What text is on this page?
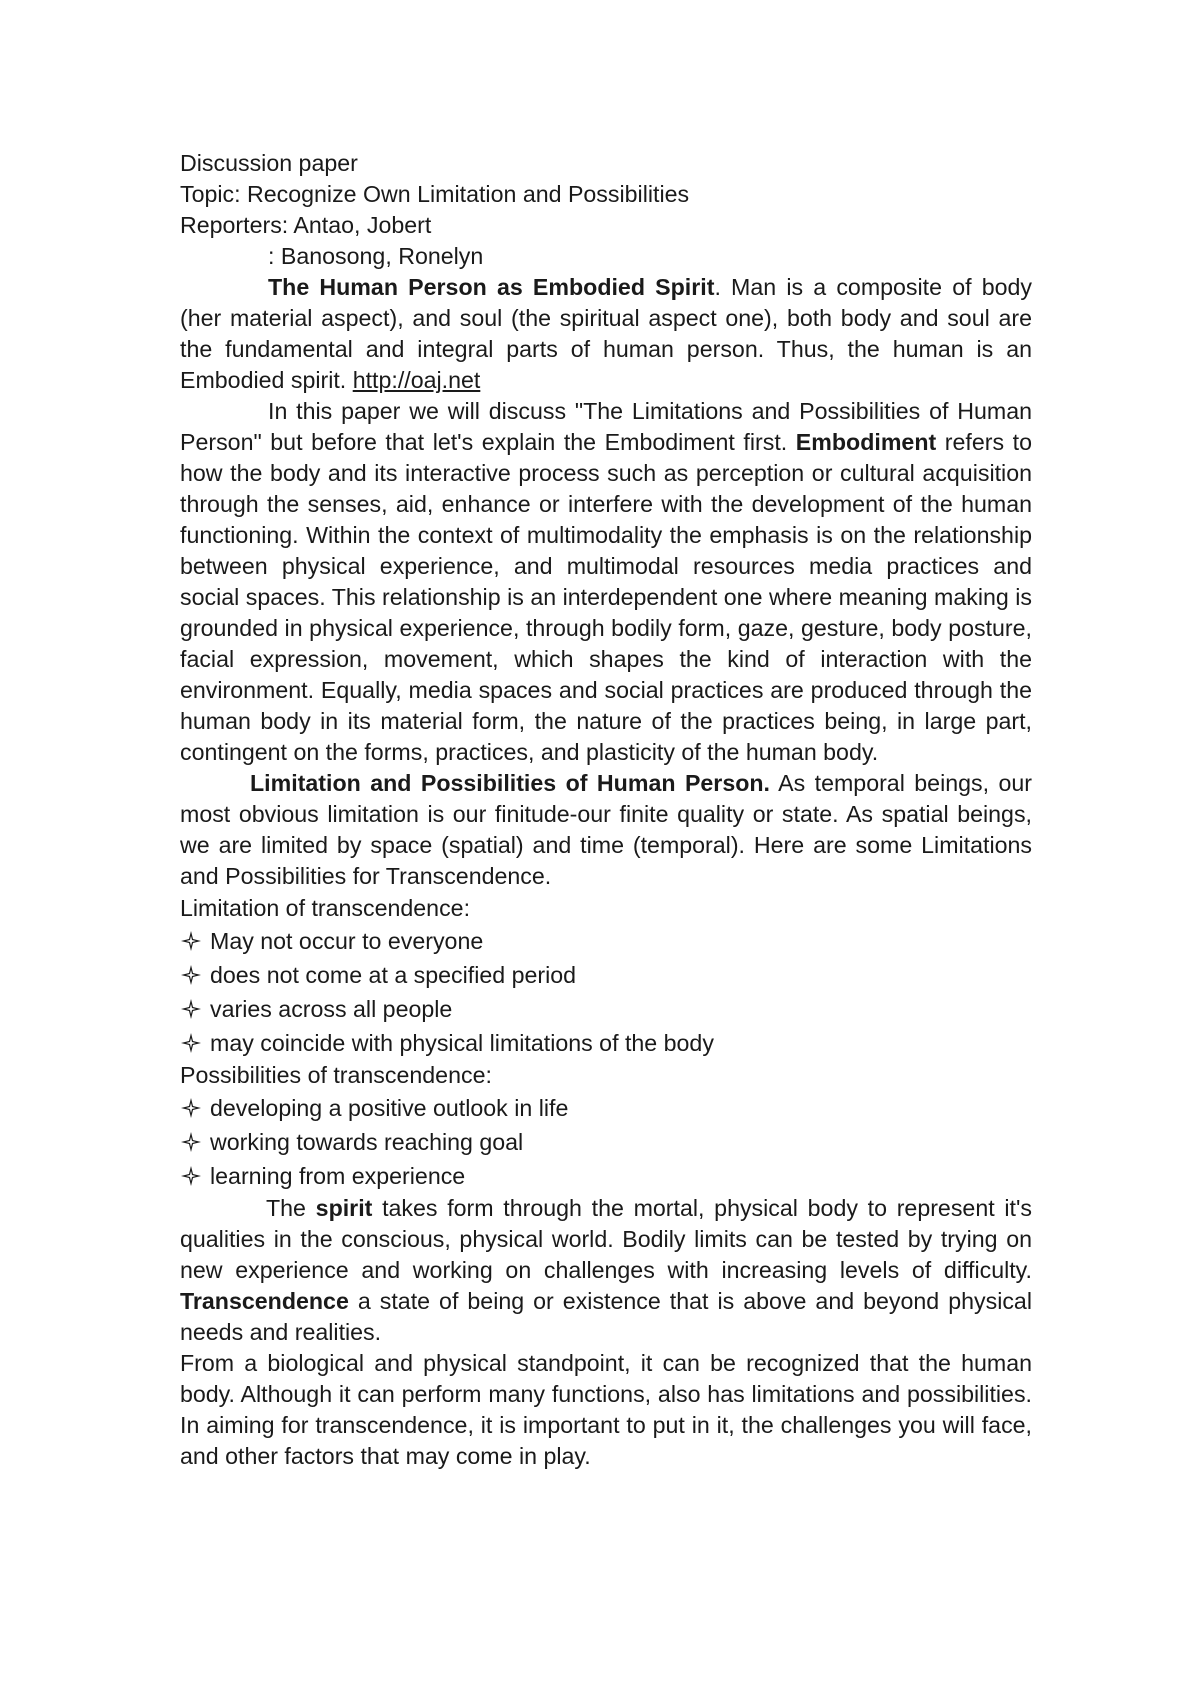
Discussion paper

Topic: Recognize Own Limitation and Possibilities

Reporters: Antao, Jobert

: Banosong, Ronelyn

The Human Person as Embodied Spirit. Man is a composite of body (her material aspect), and soul (the spiritual aspect one), both body and soul are the fundamental and integral parts of human person. Thus, the human is an Embodied spirit. http://oaj.net

In this paper we will discuss "The Limitations and Possibilities of Human Person" but before that let's explain the Embodiment first. Embodiment refers to how the body and its interactive process such as perception or cultural acquisition through the senses, aid, enhance or interfere with the development of the human functioning. Within the context of multimodality the emphasis is on the relationship between physical experience, and multimodal resources media practices and social spaces. This relationship is an interdependent one where meaning making is grounded in physical experience, through bodily form, gaze, gesture, body posture, facial expression, movement, which shapes the kind of interaction with the environment. Equally, media spaces and social practices are produced through the human body in its material form, the nature of the practices being, in large part, contingent on the forms, practices, and plasticity of the human body.

Limitation and Possibilities of Human Person. As temporal beings, our most obvious limitation is our finitude-our finite quality or state. As spatial beings, we are limited by space (spatial) and time (temporal). Here are some Limitations and Possibilities for Transcendence.

Limitation of transcendence:

May not occur to everyone
does not come at a specified period
varies across all people
may coincide with physical limitations of the body

Possibilities of transcendence:

developing a positive outlook in life
working towards reaching goal
learning from experience

The spirit takes form through the mortal, physical body to represent it's qualities in the conscious, physical world. Bodily limits can be tested by trying on new experience and working on challenges with increasing levels of difficulty. Transcendence a state of being or existence that is above and beyond physical needs and realities.

From a biological and physical standpoint, it can be recognized that the human body. Although it can perform many functions, also has limitations and possibilities. In aiming for transcendence, it is important to put in it, the challenges you will face, and other factors that may come in play.
